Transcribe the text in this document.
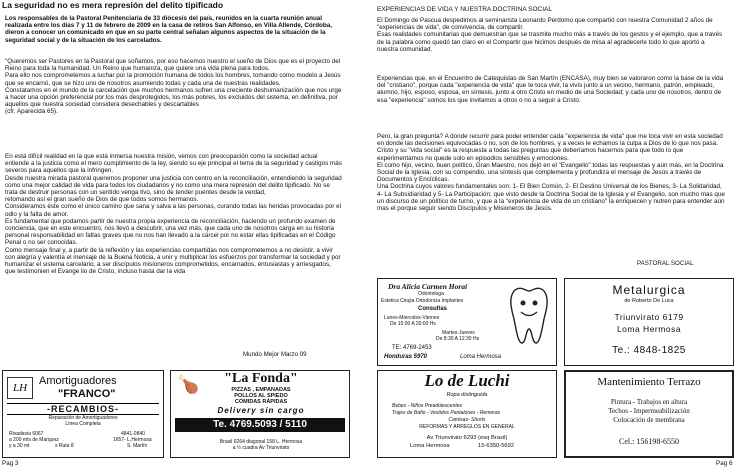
La seguridad no es mera represión del delito tipificado
Los responsables de la Pastoral Penitenciaria de 33 diócesis del país, reunidos en la cuarta reunión anual realizada entre los días 7 y 11 de febrero de 2009 en la casa de retiros San Alfonso, en Villa Allende, Córdoba, dieron a conocer un comunicado en que en su parte central señalan algunos aspectos de la situación de la seguridad social y de la situación de los carcelados.
"Queremos ser Pastores en la Pastoral que soñamos, por eso hacemos nuestro el sueño de Dios que es el proyecto del Reino para toda la humanidad. Un Reino que humaniza, que quiere una vida plena para todos.
Para ello nos comprometemos a luchar por la promoción humana de todos los hombres, tomando como modelo a Jesús que se encarnó, que se hizo uno de nosotros asumiendo todas y cada una de nuestras realidades.
Constatamos en el mundo de la carcelación que muchos hermanos sufren una creciente deshumanización que nos urge a hacer una opción preferencial por los más desprotegidos, los más pobres, los excluidos del sistema, en definitiva, por aquellos que nuestra sociedad considera desechables y descartables
(cfr. Aparecida 65).
En está difícil realidad en la que está inmersa nuestra misión, vemos con preocupación como la sociedad actual entiende a la justicia como el mero cumplimiento de la ley, siendo su eje principal el tema de la seguridad y castigos más severos para aquellos que la infringen.
Desde nuestra mirada pastoral queremos proponer una justicia con centro en la reconciliación, entendiendo la seguridad como una mejor calidad de vida para todos los ciudadanos y no como una mera represión del delito tipificado. No se trata de destruir personas con un sentido venga tivo, sino de tender puentes desde la verdad,
retomando así el gran sueño de Dios de que todos somos hermanos.
Consideramos éste como el único camino que sana y salva a las personas, curando todas las heridas provocadas por el odio y la falta de amor.
Es fundamental que podamos partir de nuestra propia experiencia de reconciliación, haciendo un profundo examen de conciencia, que en este encuentro, nos llevó a descubrir, una vez más, que cada uno de nosotros carga en su historia personal responsabilidad en faltas graves que no nos han llevado a la cárcel por no estar ellas tipificadas en el Código Penal o no ser conocidas.
Como mensaje final y, a partir de la reflexión y las experiencias compartidas nos comprometemos a no desistir, a vivir con alegría y valentía el mensaje de la Buena Noticia, a unir y multiplicar los esfuerzos por transformar la sociedad y por humanizar el sistema carcelario, a ser discípulos misioneros comprometidos, encarnados, entusiastas y arriesgados, que testimonien el Evange lio de Cristo, incluso hasta dar la vida
Mundo Mejor Marzo 09
LH
Amortiguadores
"FRANCO"
-RECAMBIOS-
Reparación de Amortiguadores
Línea Completa
Rivadavia 6067
a 200 mts de Marquez
y a 30 mt	s Ruta 8
4841-0840
1657- L.Hermosa
S. Martín
🍗	"La Fonda"
PIZZAS , EMPANADAS
POLLOS AL SPIEDO
COMIDAS RÁPIDAS
Delivery sin cargo
Te. 4769.5093 / 5110
Brasil 6264 diagonal 158 L. Hermosa
a ½ cuadra Av Triunvirato
Pag 3
EXPERIENCIAS DE VIDA Y NUESTRA DOCTRINA SOCIAL
El Domingo de Pascua despedimos al seminarista Leonardo Perdomo que compartió con nuestra Comunidad 2 años de "experiencias de vida", de convivencia, de compartir.
Esas realidades comunitarias que demuestran que se trasmite mucho más a través de los gestos y el ejemplo, que a través de la palabra como quedó tan claro en el Compartir que hicimos después de misa al agradecerle todo lo que aportó a nuestra comunidad.
Experiencias que, en el Encuentro de Catequistas de San Martín (ENCASA), muy bien se valoraron como la base de la vida del "cristiano", porque cada "experiencia de vida" que te toca vivir, la vivís junto a un vecino, hermano, patrón, empleado, alumno, hijo, esposo, esposa, en síntesis, junto a otro Cristo en medio de una Sociedad; y cada uno de nosotros, dentro de esa "experiencia" somos los que invitamos a otros o no a seguir a Cristo.
Pero, la gran pregunta? A donde recurrir para poder entender cada "experiencia de vida" que me toca vivir en esta sociedad en donde las decisiones equivocadas o no, son de los hombres, y a veces le echamos la culpa a Dios de lo que nos pasa.
Cristo y su "vida social" es la respuesta a todas las preguntas que deberíamos hacernos para que todo lo que experimentamos no quede solo en episodios sensibles y emociones.
El como hijo, vecino, buen político, Gran Maestro, nos dejó en el "Evangelio" todas las respuestas y aún más, en la Doctrina Social de la Iglesia, con su compendio, una síntesis que complementa y profundiza el mensaje de Jesús a través de Documentos y Encíclicas.
Una Doctrina cuyos valores fundamentales son: 1- El Bien Común, 2- El Destino Universal de los Bienes, 3- La Solidaridad, 4- La Subsidiaridad y 5- La Participación; que visto desde la Doctrina Social de la Iglesia y el Evangelio, son mucho mas que un discurso de un político de turno, y que a la "experiencia de vida de un cristiano" la enriquecen y nutren para entender aún mas el porque seguir siendo Discípulos y Misioneros de Jesús.
PASTORAL SOCIAL
Dra Alicia Carmen Horai
Odontologa
Estetica Cirujia Ortodoncia Implantes
Consultas
Lunes-Miercoles-Viernes
De 15:00 A 20:00 Hs
Martes-Jueves
De 8:30 A 12:30 Hs
TE: 4769-2453
Honduras 5970	Loma Hermosa
Metalurgica
de Roberto De Luca
Triunvirato 6179
Loma Hermosa
Te.: 4848-1825
Lo de Luchi
Ropa distinguida
Bebes - Niños Preadolescentes
Trajes de Baño - Vestidos Pantalones - Remeras
Camisas- Shorts
REFORMAS Y ARREGLOS EN GENERAL
Av Triunvirato 6293 (esq Brasil)
Loma Hermosa	15-6350-5692
Mantenimiento Terrazo
Pintura - Trabajos en altura
Techos - Impermeabilización
Colocación de membrana
Cel.: 156198-6550
Pag 6
